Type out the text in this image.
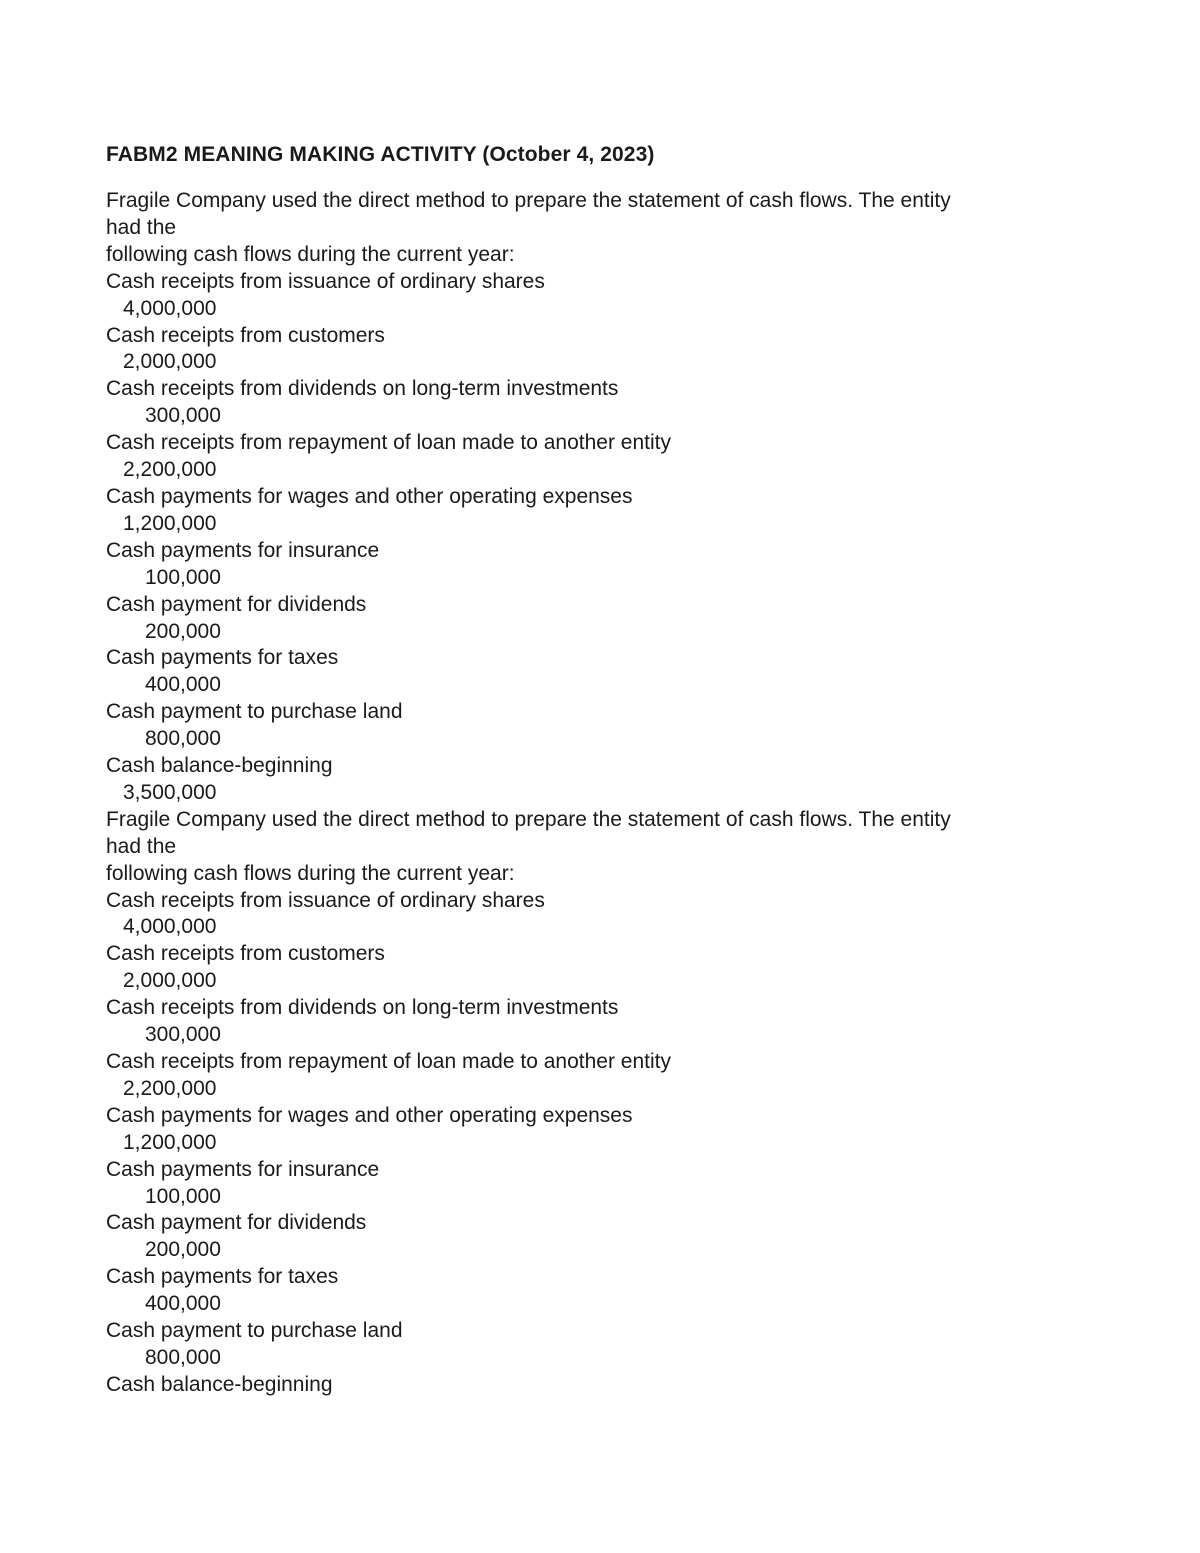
FABM2 MEANING MAKING ACTIVITY (October 4, 2023)
Fragile Company used the direct method to prepare the statement of cash flows. The entity
had the
following cash flows during the current year:
Cash receipts from issuance of ordinary shares
4,000,000
Cash receipts from customers
2,000,000
Cash receipts from dividends on long-term investments
300,000
Cash receipts from repayment of loan made to another entity
2,200,000
Cash payments for wages and other operating expenses
1,200,000
Cash payments for insurance
100,000
Cash payment for dividends
200,000
Cash payments for taxes
400,000
Cash payment to purchase land
800,000
Cash balance-beginning
3,500,000
Fragile Company used the direct method to prepare the statement of cash flows. The entity
had the
following cash flows during the current year:
Cash receipts from issuance of ordinary shares
4,000,000
Cash receipts from customers
2,000,000
Cash receipts from dividends on long-term investments
300,000
Cash receipts from repayment of loan made to another entity
2,200,000
Cash payments for wages and other operating expenses
1,200,000
Cash payments for insurance
100,000
Cash payment for dividends
200,000
Cash payments for taxes
400,000
Cash payment to purchase land
800,000
Cash balance-beginning
